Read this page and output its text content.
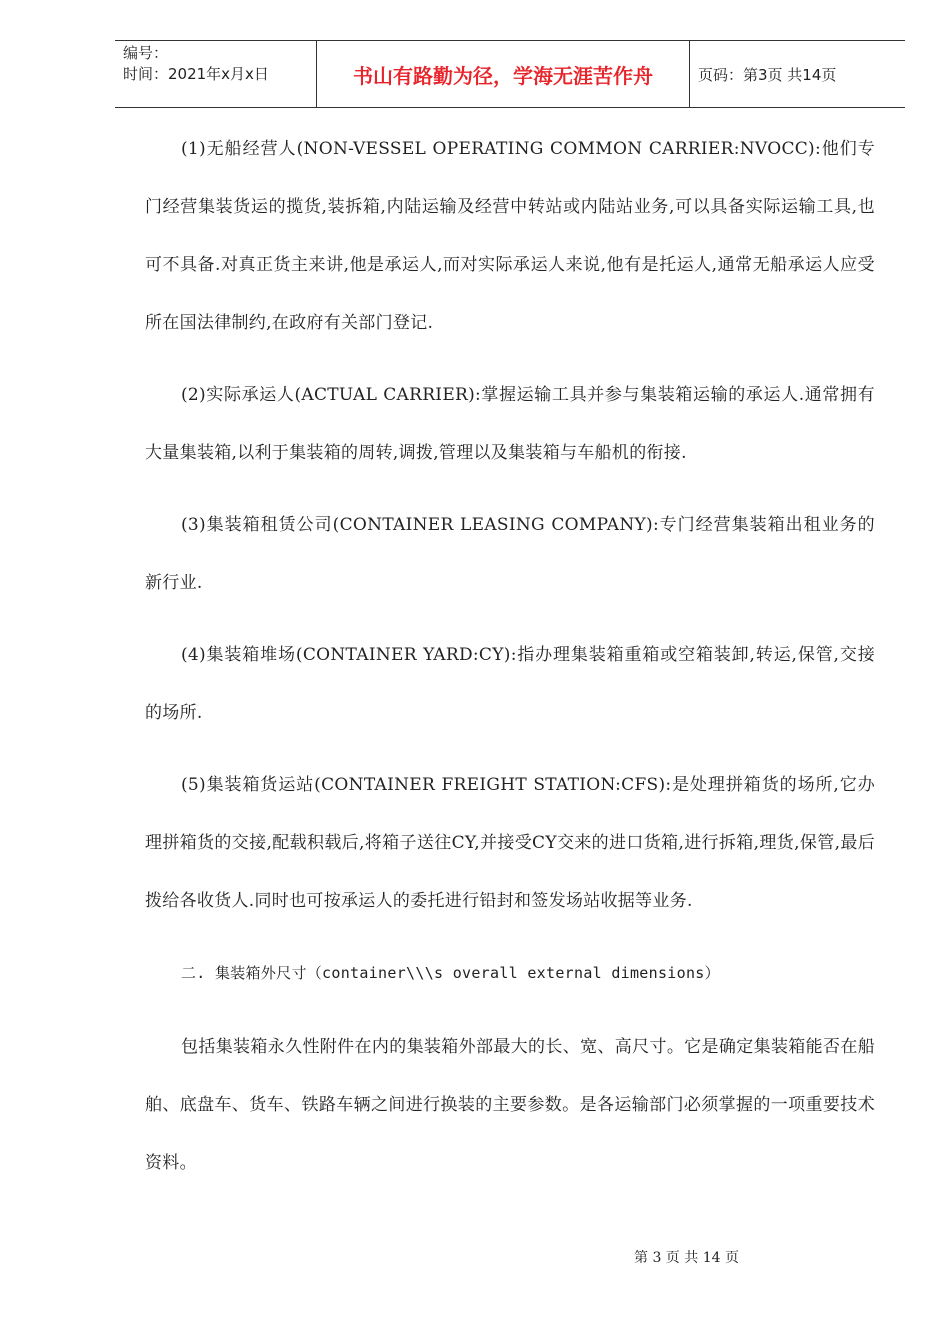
编号：
时间：2021年x月x日	书山有路勤为径，学海无涯苦作舟	页码：第3页 共14页

(1)无船经营人(NON-VESSEL OPERATING COMMON CARRIER:NVOCC):他们专门经营集装货运的揽货,装拆箱,内陆运输及经营中转站或内陆站业务,可以具备实际运输工具,也可不具备.对真正货主来讲,他是承运人,而对实际承运人来说,他有是托运人,通常无船承运人应受所在国法律制约,在政府有关部门登记.

(2)实际承运人(ACTUAL CARRIER):掌握运输工具并参与集装箱运输的承运人.通常拥有大量集装箱,以利于集装箱的周转,调拨,管理以及集装箱与车船机的衔接.

(3)集装箱租赁公司(CONTAINER LEASING COMPANY):专门经营集装箱出租业务的新行业.

(4)集装箱堆场(CONTAINER YARD:CY):指办理集装箱重箱或空箱装卸,转运,保管,交接的场所.

(5)集装箱货运站(CONTAINER FREIGHT STATION:CFS):是处理拼箱货的场所,它办理拼箱货的交接,配载积载后,将箱子送往CY,并接受CY交来的进口货箱,进行拆箱,理货,保管,最后拨给各收货人.同时也可按承运人的委托进行铅封和签发场站收据等业务.

二. 集装箱外尺寸（container\\\s overall external dimensions）

包括集装箱永久性附件在内的集装箱外部最大的长、宽、高尺寸。它是确定集装箱能否在船舶、底盘车、货车、铁路车辆之间进行换装的主要参数。是各运输部门必须掌握的一项重要技术资料。

第 3 页 共 14 页
